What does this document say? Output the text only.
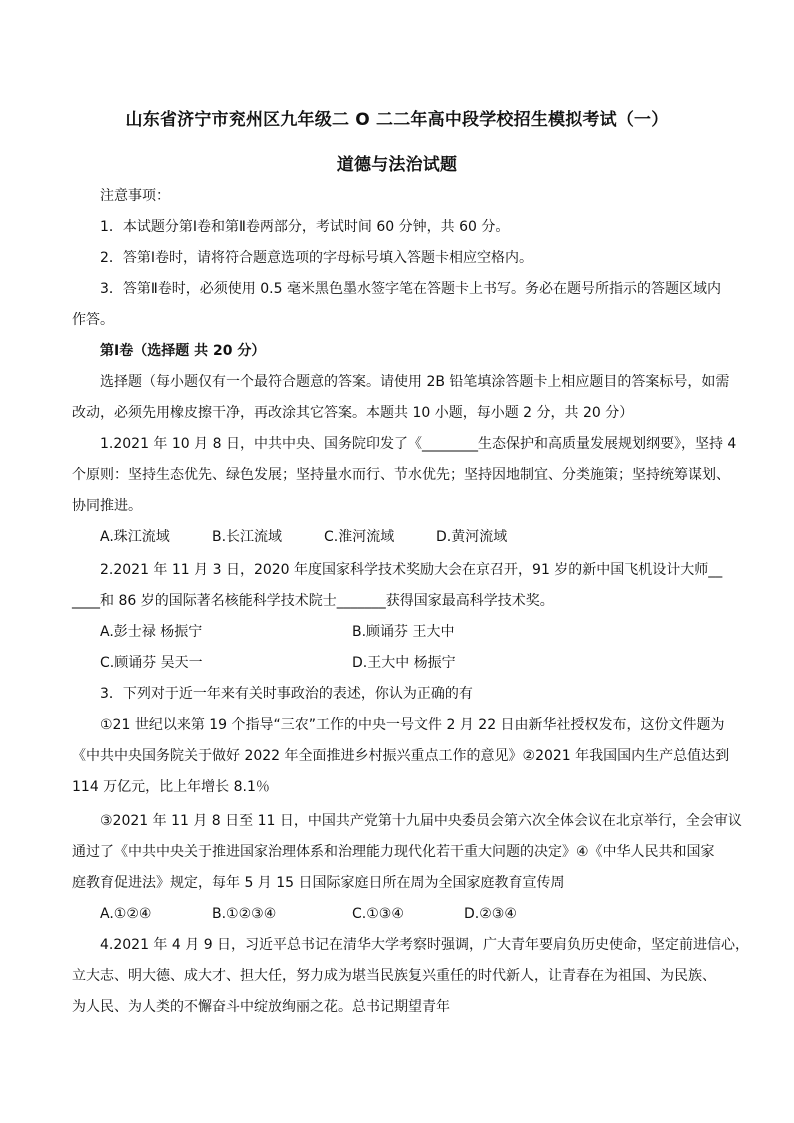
山东省济宁市兖州区九年级二 O 二二年高中段学校招生模拟考试（一）
道德与法治试题
注意事项：
1．本试题分第Ⅰ卷和第Ⅱ卷两部分，考试时间 60 分钟，共 60 分。
2．答第Ⅰ卷时，请将符合题意选项的字母标号填入答题卡相应空格内。
3．答第Ⅱ卷时，必须使用 0.5 毫米黑色墨水签字笔在答题卡上书写。务必在题号所指示的答题区域内
作答。
第Ⅰ卷（选择题 共 20 分）
选择题（每小题仅有一个最符合题意的答案。请使用 2B 铅笔填涂答题卡上相应题目的答案标号，如需
改动，必须先用橡皮擦干净，再改涂其它答案。本题共 10 小题，每小题 2 分，共 20 分）
1.2021 年 10 月 8 日，中共中央、国务院印发了《________生态保护和高质量发展规划纲要》，坚持 4
个原则：坚持生态优先、绿色发展；坚持量水而行、节水优先；坚持因地制宜、分类施策；坚持统筹谋划、
协同推进。
A.珠江流域	B.长江流域	C.淮河流域	D.黄河流域
2.2021 年 11 月 3 日，2020 年度国家科学技术奖励大会在京召开，91 岁的新中国飞机设计大师__
____和 86 岁的国际著名核能科学技术院士_______获得国家最高科学技术奖。
A.彭士禄 杨振宁	B.顾诵芬 王大中
C.顾诵芬 吴天一	D.王大中 杨振宁
3．下列对于近一年来有关时事政治的表述，你认为正确的有
①21 世纪以来第 19 个指导“三农”工作的中央一号文件 2 月 22 日由新华社授权发布，这份文件题为
《中共中央国务院关于做好 2022 年全面推进乡村振兴重点工作的意见》②2021 年我国国内生产总值达到
114 万亿元，比上年增长 8.1％
③2021 年 11 月 8 日至 11 日，中国共产党第十九届中央委员会第六次全体会议在北京举行，全会审议
通过了《中共中央关于推进国家治理体系和治理能力现代化若干重大问题的决定》④《中华人民共和国家
庭教育促进法》规定，每年 5 月 15 日国际家庭日所在周为全国家庭教育宣传周
A.①②④	B.①②③④	C.①③④	D.②③④
4.2021 年 4 月 9 日，习近平总书记在清华大学考察时强调，广大青年要肩负历史使命，坚定前进信心，
立大志、明大德、成大才、担大任，努力成为堪当民族复兴重任的时代新人，让青春在为祖国、为民族、
为人民、为人类的不懈奋斗中绽放绚丽之花。总书记期望青年
